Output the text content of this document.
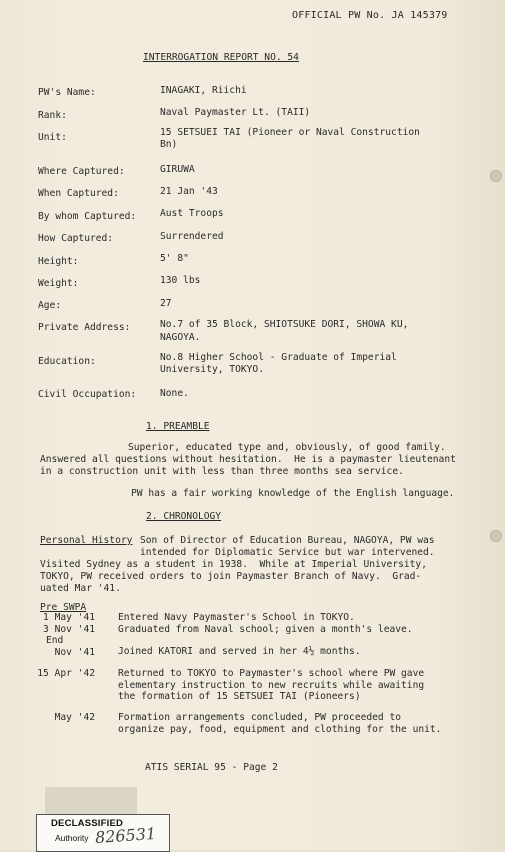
OFFICIAL PW No. JA 145379
INTERROGATION REPORT NO. 54
PW's Name:	INAGAKI, Riichi
Rank:	Naval Paymaster Lt. (TAII)
Unit:	15 SETSUEI TAI (Pioneer or Naval Construction
Bn)
Where Captured:	GIRUWA
When Captured:	21 Jan '43
By whom Captured: Aust Troops
How Captured:	Surrendered
Height:	5' 8"
Weight:	130 lbs
Age:	27
Private Address:	No.7 of 35 Block, SHIOTSUKE DORI, SHOWA KU,
NAGOYA.
Education:	No.8 Higher School - Graduate of Imperial
University, TOKYO.
Civil Occupation: None.
1. PREAMBLE
Superior, educated type and, obviously, of good family.
Answered all questions without hesitation.  He is a paymaster lieutenant
in a construction unit with less than three months sea service.
PW has a fair working knowledge of the English language.
2. CHRONOLOGY
Personal History Son of Director of Education Bureau, NAGOYA, PW was
intended for Diplomatic Service but war intervened.
Visited Sydney as a student in 1938.  While at Imperial University,
TOKYO, PW received orders to join Paymaster Branch of Navy.  Grad-
uated Mar '41.
Pre SWPA
1 May '41 Entered Navy Paymaster's School in TOKYO.
3 Nov '41 Graduated from Naval school; given a month's leave.
End
Nov '41 Joined KATORI and served in her 4½ months.
15 Apr '42 Returned to TOKYO to Paymaster's school where PW gave
elementary instruction to new recruits while awaiting
the formation of 15 SETSUEI TAI (Pioneers)
May '42 Formation arrangements concluded, PW proceeded to
organize pay, food, equipment and clothing for the unit.
ATIS SERIAL 95 - Page 2
DECLASSIFIED
Authority 826531
